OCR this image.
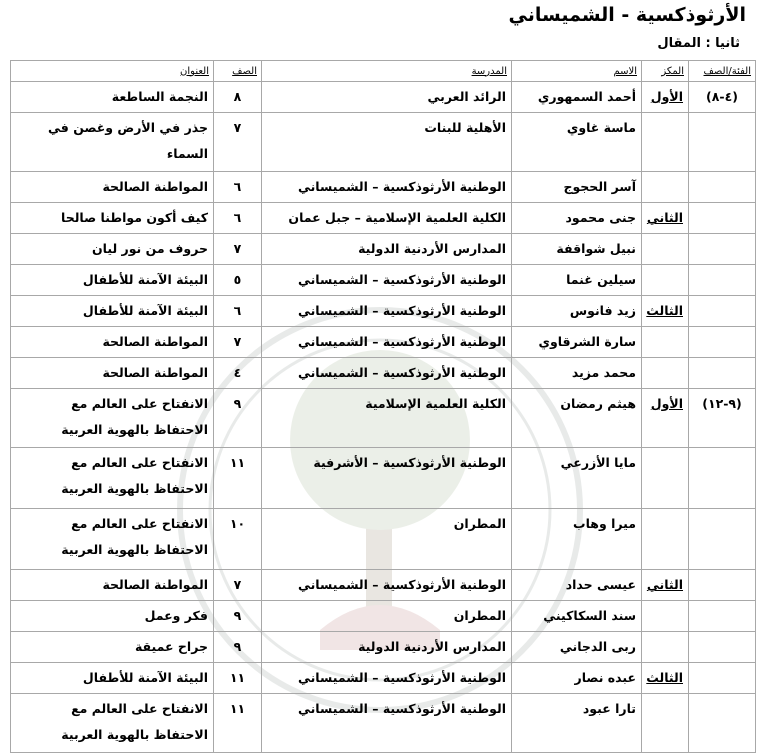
الأرثوذكسية - الشميساني
ثانيا : المقال
الفئة/الصف	المكز	الاسم	المدرسة	الصف	العنوان
(٤-٨)	الأول	أحمد السمهوري	الرائد العربي	٨	النجمة الساطعة
		ماسة غاوي	الأهلية للبنات	٧	جذر في الأرض وغصن في السماء
		آسر الحجوج	الوطنية الأرثوذكسية – الشميساني	٦	المواطنة الصالحة
	الثاني	جنى محمود	الكلية العلمية الإسلامية – جبل عمان	٦	كيف أكون مواطنا صالحا
		نبيل شواقفة	المدارس الأردنية الدولية	٧	حروف من نور ليان
		سيلين غنما	الوطنية الأرثوذكسية – الشميساني	٥	البيئة الآمنة للأطفال
	الثالث	زيد فانوس	الوطنية الأرثوذكسية – الشميساني	٦	البيئة الآمنة للأطفال
		سارة الشرقاوي	الوطنية الأرثوذكسية – الشميساني	٧	المواطنة الصالحة
		محمد مزيد	الوطنية الأرثوذكسية – الشميساني	٤	المواطنة الصالحة
(٩-١٢)	الأول	هيثم رمضان	الكلية العلمية الإسلامية	٩	الانفتاح على العالم مع الاحتفاظ بالهوية العربية
		مايا الأزرعي	الوطنية الأرثوذكسية – الأشرفية	١١	الانفتاح على العالم مع الاحتفاظ بالهوية العربية
		ميرا وهاب	المطران	١٠	الانفتاح على العالم مع الاحتفاظ بالهوية العربية
	الثاني	عيسى حداد	الوطنية الأرثوذكسية – الشميساني	٧	المواطنة الصالحة
		سند السكاكيني	المطران	٩	فكر وعمل
		ربى الدجاني	المدارس الأردنية الدولية	٩	جراح عميقة
	الثالث	عبده نصار	الوطنية الأرثوذكسية – الشميساني	١١	البيئة الآمنة للأطفال
		تارا عبود	الوطنية الأرثوذكسية – الشميساني	١١	الانفتاح على العالم مع الاحتفاظ بالهوية العربية
